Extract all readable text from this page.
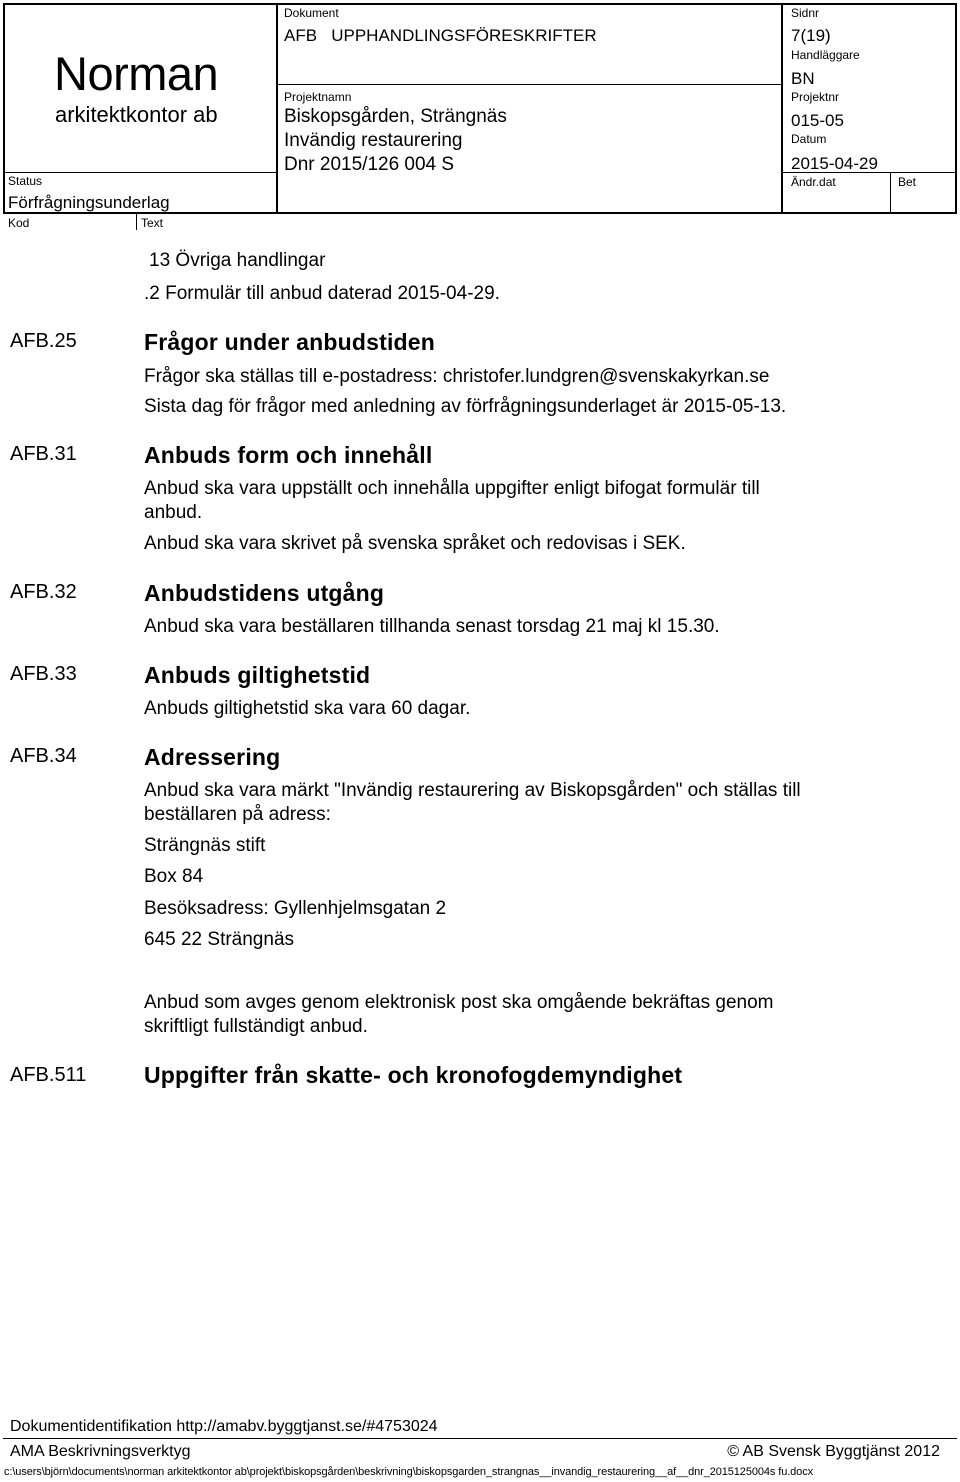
Norman
arkitektkontor ab
Status
Förfrågningsunderlag
Kod	Text
Dokument
AFB   UPPHANDLINGSFÖRESKRIFTER
Projektnamn
Biskopsgården, Strängnäs
Invändig restaurering
Dnr 2015/126 004 S
Sidnr
7(19)
Handläggare
BN
Projektnr
015-05
Datum
2015-04-29
Ändr.dat	Bet
13 Övriga handlingar
.2 Formulär till anbud daterad 2015-04-29.
AFB.25	Frågor under anbudstiden
Frågor ska ställas till e-postadress: christofer.lundgren@svenskakyrkan.se
Sista dag för frågor med anledning av förfrågningsunderlaget är 2015-05-13.
AFB.31	Anbuds form och innehåll
Anbud ska vara uppställt och innehålla uppgifter enligt bifogat formulär till
anbud.
Anbud ska vara skrivet på svenska språket och redovisas i SEK.
AFB.32	Anbudstidens utgång
Anbud ska vara beställaren tillhanda senast torsdag 21 maj kl 15.30.
AFB.33	Anbuds giltighetstid
Anbuds giltighetstid ska vara 60 dagar.
AFB.34	Adressering
Anbud ska vara märkt "Invändig restaurering av Biskopsgården" och ställas till
beställaren på adress:
Strängnäs stift
Box 84
Besöksadress: Gyllenhjelmsgatan 2
645 22 Strängnäs
Anbud som avges genom elektronisk post ska omgående bekräftas genom
skriftligt fullständigt anbud.
AFB.511	Uppgifter från skatte- och kronofogdemyndighet
Dokumentidentifikation http://amabv.byggtjanst.se/#4753024
AMA Beskrivningsverktyg	© AB Svensk Byggtjänst 2012
c:\users\björn\documents\norman arkitektkontor ab\projekt\biskopsgården\beskrivning\biskopsgarden_strangnas__invandig_restaurering__af__dnr_2015125004s fu.docx
